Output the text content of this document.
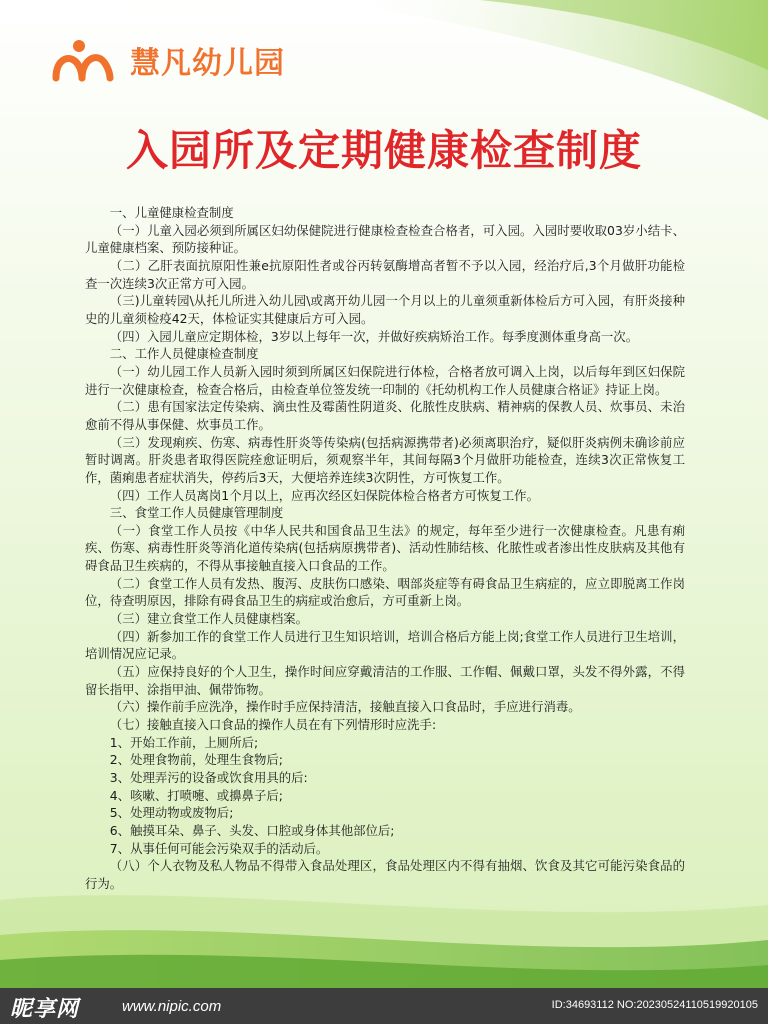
慧凡幼儿园
入园所及定期健康检查制度

一、儿童健康检查制度

（一）儿童入园必须到所属区妇幼保健院进行健康检查检查合格者，可入园。入园时要收取03岁小结卡、儿童健康档案、预防接种证。

（二）乙肝表面抗原阳性兼e抗原阳性者或谷丙转氨酶增高者暂不予以入园，经治疗后,3个月做肝功能检查一次连续3次正常方可入园。

（三)儿童转园\从托儿所进入幼儿园\或离开幼儿园一个月以上的儿童须重新体检后方可入园，有肝炎接种史的儿童须检疫42天，体检证实其健康后方可入园。

（四）入园儿童应定期体检，3岁以上每年一次，并做好疾病矫治工作。每季度测体重身高一次。

二、工作人员健康检查制度

（一）幼儿园工作人员新入园时须到所属区妇保院进行体检，合格者放可调入上岗，以后每年到区妇保院进行一次健康检查，检查合格后，由检查单位签发统一印制的《托幼机构工作人员健康合格证》持证上岗。

（二）患有国家法定传染病、滴虫性及霉菌性阴道炎、化脓性皮肤病、精神病的保教人员、炊事员、未治愈前不得从事保健、炊事员工作。

（三）发现痢疾、伤寒、病毒性肝炎等传染病(包括病源携带者)必须离职治疗，疑似肝炎病例未确诊前应暂时调离。肝炎患者取得医院痊愈证明后，须观察半年，其间每隔3个月做肝功能检查，连续3次正常恢复工作，菌痢患者症状消失，停药后3天，大便培养连续3次阴性，方可恢复工作。

（四）工作人员离岗1个月以上，应再次经区妇保院体检合格者方可恢复工作。

三、食堂工作人员健康管理制度

（一）食堂工作人员按《中华人民共和国食品卫生法》的规定，每年至少进行一次健康检查。凡患有痢疾、伤寒、病毒性肝炎等消化道传染病(包括病原携带者)、活动性肺结核、化脓性或者渗出性皮肤病及其他有碍食品卫生疾病的，不得从事接触直接入口食品的工作。

（二）食堂工作人员有发热、腹泻、皮肤伤口感染、咽部炎症等有碍食品卫生病症的，应立即脱离工作岗位，待查明原因，排除有碍食品卫生的病症或治愈后，方可重新上岗。

（三）建立食堂工作人员健康档案。

（四）新参加工作的食堂工作人员进行卫生知识培训，培训合格后方能上岗;食堂工作人员进行卫生培训，培训情况应记录。

（五）应保持良好的个人卫生，操作时间应穿戴清洁的工作服、工作帽、佩戴口罩，头发不得外露，不得留长指甲、涂指甲油、佩带饰物。

（六）操作前手应洗净，操作时手应保持清洁，接触直接入口食品时，手应进行消毒。

（七）接触直接入口食品的操作人员在有下列情形时应洗手:

1、开始工作前，上厕所后;

2、处理食物前，处理生食物后;

3、处理弄污的设备或饮食用具的后:

4、咳嗽、打喷嚏、或擤鼻子后;

5、处理动物或废物后;

6、触摸耳朵、鼻子、头发、口腔或身体其他部位后;

7、从事任何可能会污染双手的活动后。

（八）个人衣物及私人物品不得带入食品处理区，食品处理区内不得有抽烟、饮食及其它可能污染食品的行为。

昵享网	www.nipic.com	ID:34693112 NO:20230524110519920105
